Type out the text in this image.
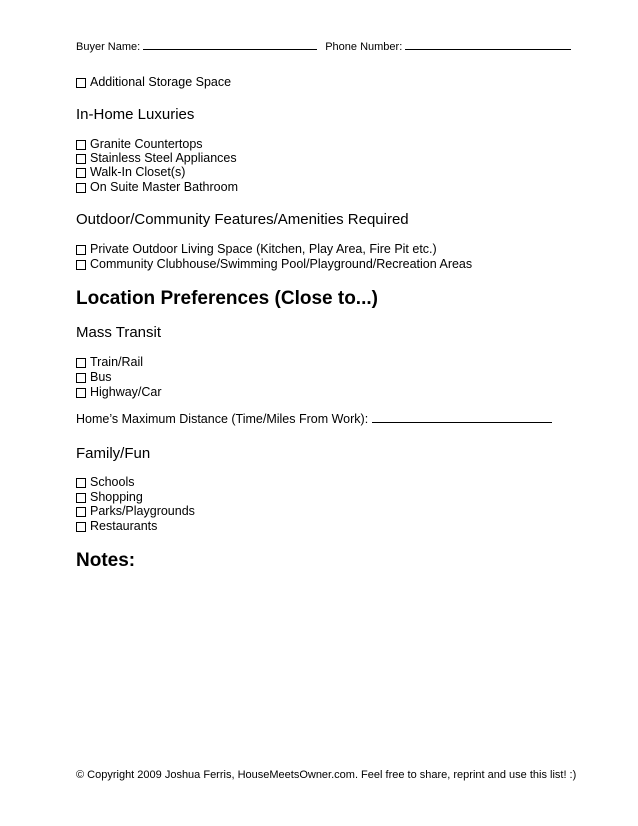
Buyer Name:	Phone Number:
Additional Storage Space
In-Home Luxuries
Granite Countertops
Stainless Steel Appliances
Walk-In Closet(s)
On Suite Master Bathroom
Outdoor/Community Features/Amenities Required
Private Outdoor Living Space (Kitchen, Play Area, Fire Pit etc.)
Community Clubhouse/Swimming Pool/Playground/Recreation Areas
Location Preferences (Close to...)
Mass Transit
Train/Rail
Bus
Highway/Car
Home’s Maximum Distance (Time/Miles From Work):
Family/Fun
Schools
Shopping
Parks/Playgrounds
Restaurants
Notes:
© Copyright 2009 Joshua Ferris, HouseMeetsOwner.com. Feel free to share, reprint and use this list! :)
